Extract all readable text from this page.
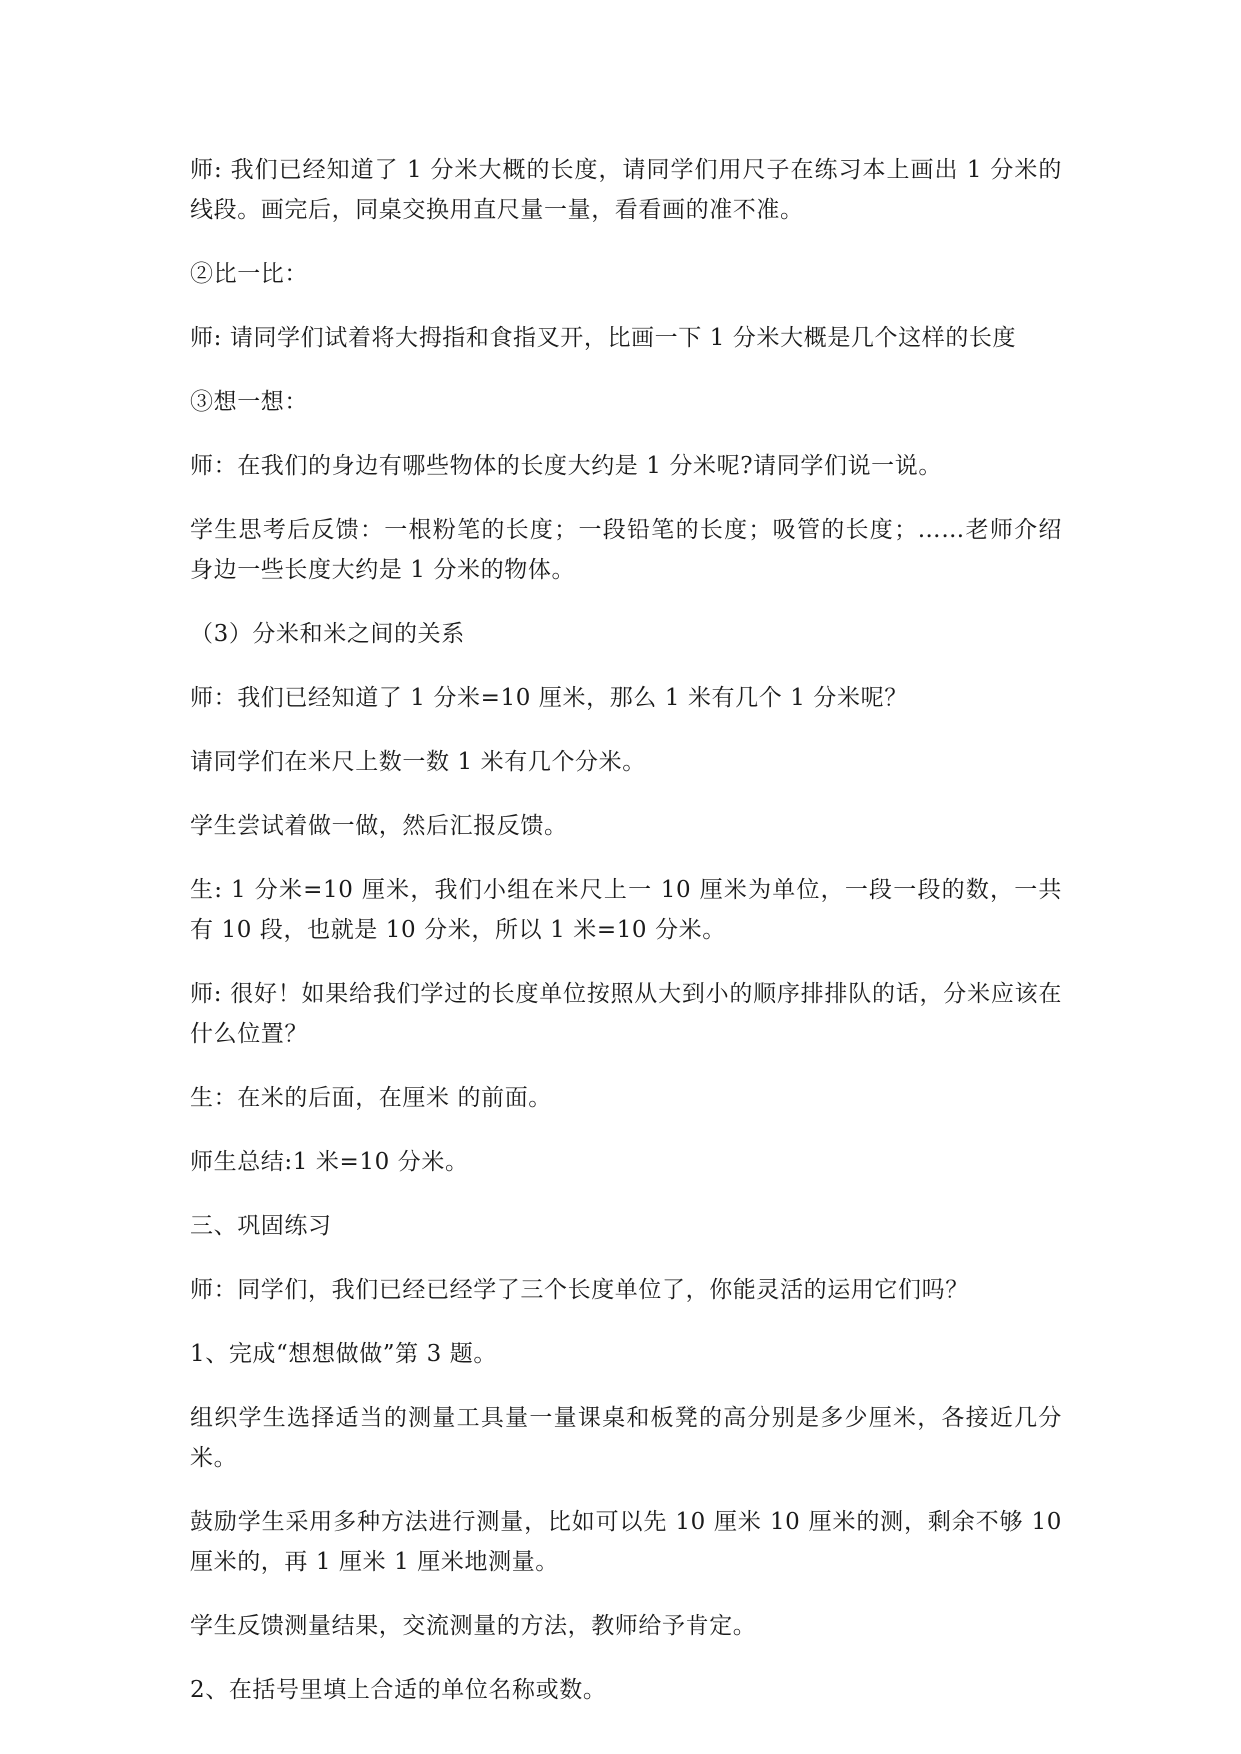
师: 我们已经知道了 1 分米大概的长度，请同学们用尺子在练习本上画出 1 分米的线段。画完后，同桌交换用直尺量一量，看看画的准不准。

②比一比：

师: 请同学们试着将大拇指和食指叉开，比画一下 1 分米大概是几个这样的长度

③想一想：

师：在我们的身边有哪些物体的长度大约是 1 分米呢?请同学们说一说。

学生思考后反馈：一根粉笔的长度；一段铅笔的长度；吸管的长度；……老师介绍身边一些长度大约是 1 分米的物体。

（3）分米和米之间的关系

师：我们已经知道了 1 分米=10 厘米，那么 1 米有几个 1 分米呢？

请同学们在米尺上数一数 1 米有几个分米。

学生尝试着做一做，然后汇报反馈。

生: 1 分米=10 厘米，我们小组在米尺上一 10 厘米为单位，一段一段的数，一共有 10 段，也就是 10 分米，所以 1 米=10 分米。

师: 很好！如果给我们学过的长度单位按照从大到小的顺序排排队的话，分米应该在什么位置？

生：在米的后面，在厘米 的前面。

师生总结:1 米=10 分米。

三、巩固练习

师：同学们，我们已经已经学了三个长度单位了，你能灵活的运用它们吗？

1、完成“想想做做”第 3 题。

组织学生选择适当的测量工具量一量课桌和板凳的高分别是多少厘米，各接近几分米。

鼓励学生采用多种方法进行测量，比如可以先 10 厘米 10 厘米的测，剩余不够 10 厘米的，再 1 厘米 1 厘米地测量。

学生反馈测量结果，交流测量的方法，教师给予肯定。

2、在括号里填上合适的单位名称或数。
